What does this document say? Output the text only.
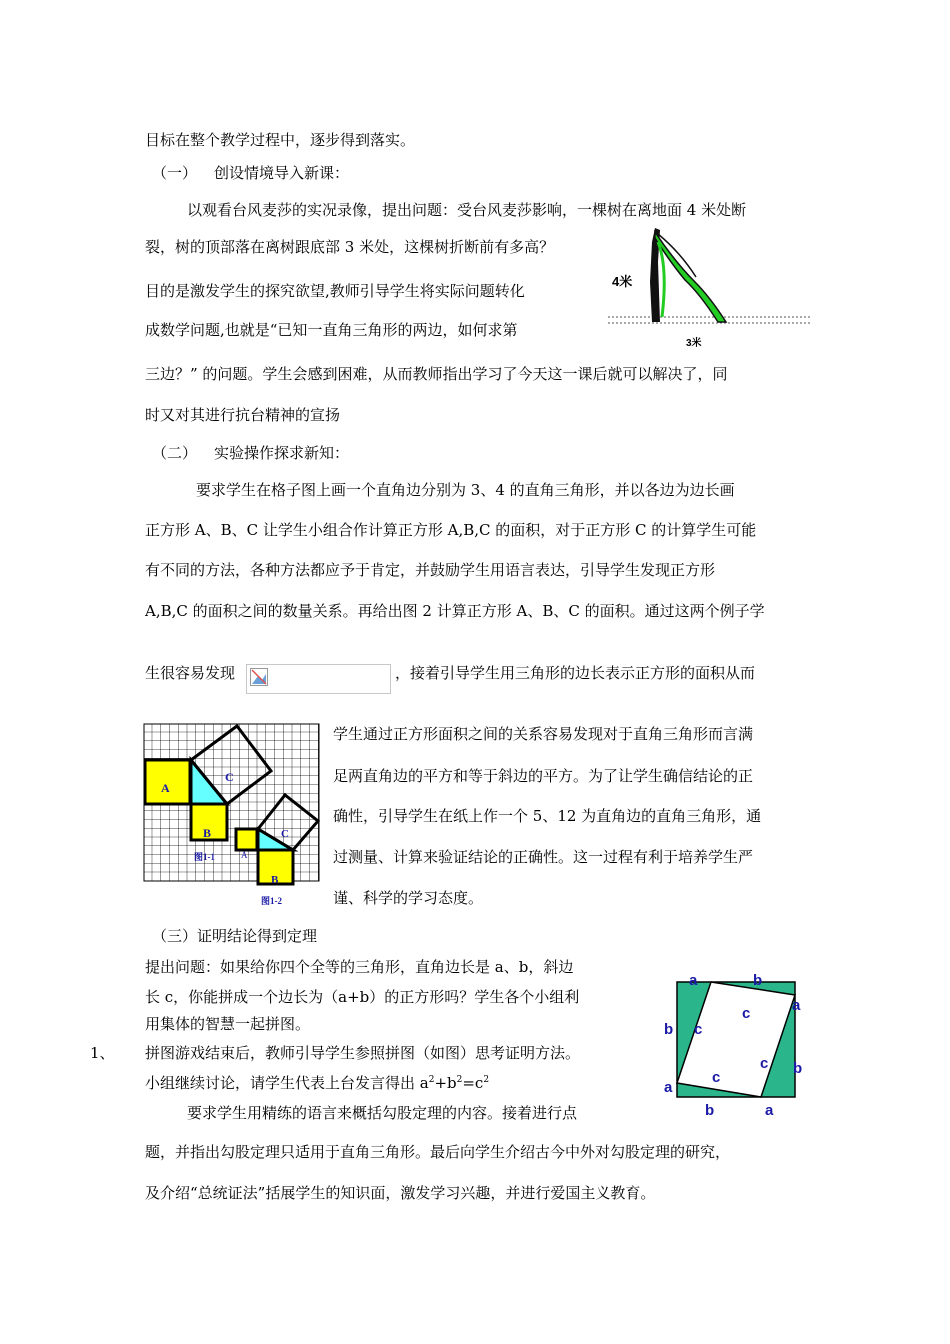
目标在整个教学过程中，逐步得到落实。
（一） 创设情境导入新课：
以观看台风麦莎的实况录像，提出问题：受台风麦莎影响，一棵树在离地面 4 米处断
裂，树的顶部落在离树跟底部 3 米处，这棵树折断前有多高？
目的是激发学生的探究欲望,教师引导学生将实际问题转化
成数学问题,也就是“已知一直角三角形的两边，如何求第
三边？” 的问题。学生会感到困难，从而教师指出学习了今天这一课后就可以解决了，同
时又对其进行抗台精神的宣扬
4米
3米
（二） 实验操作探求新知：
要求学生在格子图上画一个直角边分别为 3、4 的直角三角形，并以各边为边长画
正方形 A、B、C 让学生小组合作计算正方形 A,B,C 的面积，对于正方形 C 的计算学生可能
有不同的方法，各种方法都应予于肯定，并鼓励学生用语言表达，引导学生发现正方形
A,B,C 的面积之间的数量关系。再给出图 2 计算正方形 A、B、C 的面积。通过这两个例子学
生很容易发现	，接着引导学生用三角形的边长表示正方形的面积从而
A
B
C
A
B
C
图1-1
图1-2
学生通过正方形面积之间的关系容易发现对于直角三角形而言满
足两直角边的平方和等于斜边的平方。为了让学生确信结论的正
确性，引导学生在纸上作一个 5、12 为直角边的直角三角形，通
过测量、计算来验证结论的正确性。这一过程有利于培养学生严
谨、科学的学习态度。
（三）证明结论得到定理
提出问题：如果给你四个全等的三角形，直角边长是 a、b，斜边
长 c，你能拼成一个边长为（a+b）的正方形吗？学生各个小组利
用集体的智慧一起拼图。
1、 拼图游戏结束后，教师引导学生参照拼图（如图）思考证明方法。
小组继续讨论，请学生代表上台发言得出 $a^2+b^2=c^2$
a	b
a
b
a
b
a
b
c
c
c
c
要求学生用精练的语言来概括勾股定理的内容。接着进行点
题，并指出勾股定理只适用于直角三角形。最后向学生介绍古今中外对勾股定理的研究，
及介绍“总统证法”括展学生的知识面，激发学习兴趣，并进行爱国主义教育。
